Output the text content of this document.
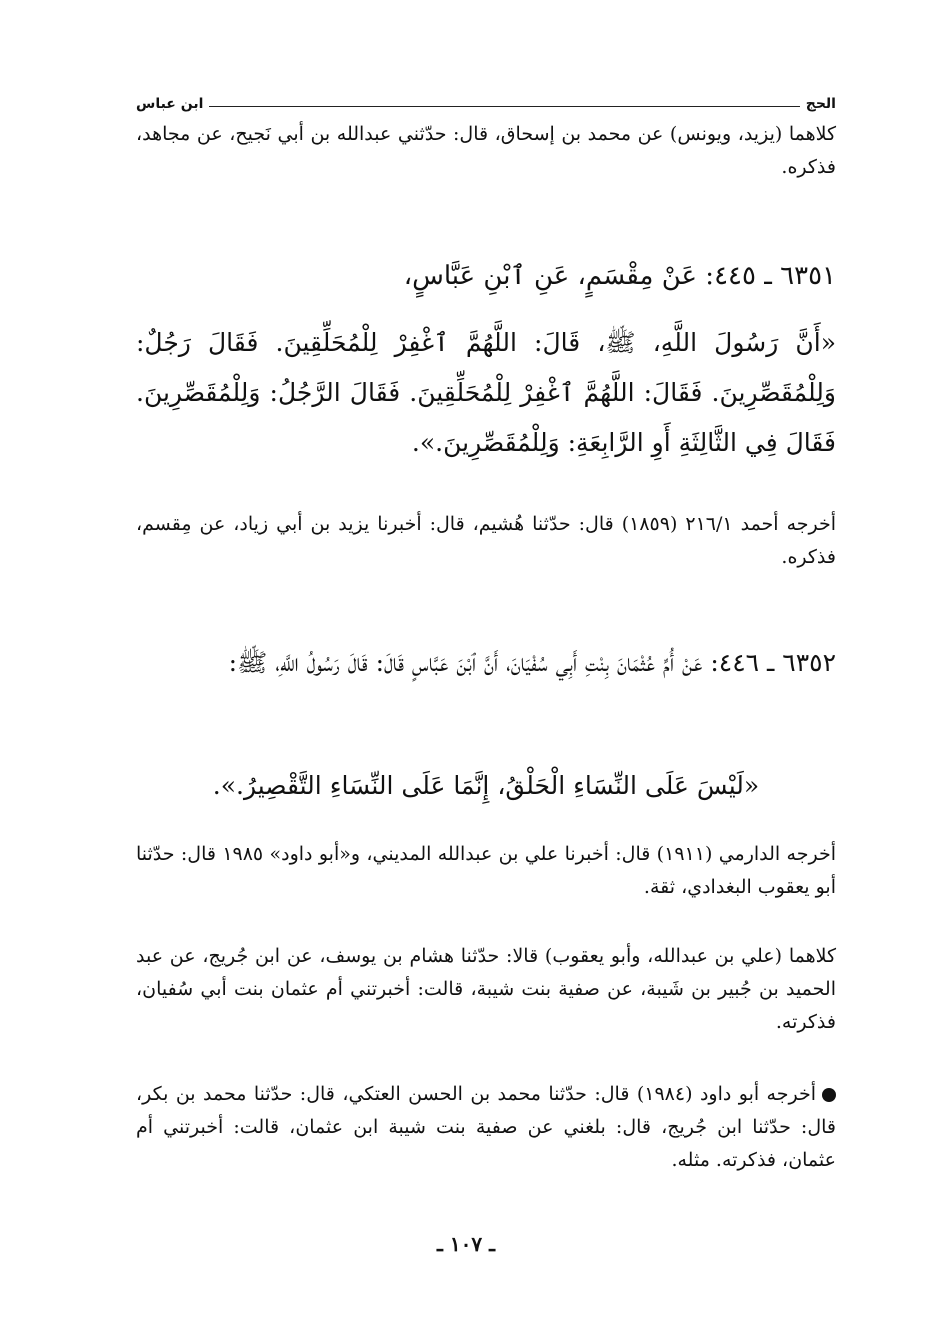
الحج
ابن عباس
كلاهما (يزيد، ويونس) عن محمد بن إسحاق، قال: حدّثني عبدالله بن أبي نَجيح، عن مجاهد، فذكره.
٦٣٥١ ـ ٤٤٥: عَنْ مِقْسَمٍ، عَنِ ٱبْنِ عَبَّاسٍ،
«أَنَّ رَسُولَ اللَّهِ، ﷺ، قَالَ: اللَّهُمَّ ٱغْفِرْ لِلْمُحَلِّقِينَ. فَقَالَ رَجُلٌ: وَلِلْمُقَصِّرِينَ. فَقَالَ: اللَّهُمَّ ٱغْفِرْ لِلْمُحَلِّقِينَ. فَقَالَ الرَّجُلُ: وَلِلْمُقَصِّرِينَ. فَقَالَ فِي الثَّالِثَةِ أَوِ الرَّابِعَةِ: وَلِلْمُقَصِّرِينَ.».
أخرجه أحمد ٢١٦/١ (١٨٥٩) قال: حدّثنا هُشيم، قال: أخبرنا يزيد بن أبي زياد، عن مِقسم، فذكره.
٦٣٥٢ ـ ٤٤٦: عَنْ أُمِّ عُثْمَانَ بِنْتِ أَبِي سُفْيَانَ، أَنَّ ٱبْنَ عَبَّاسٍ قَالَ: قَالَ رَسُولُ اللَّهِ، ﷺ:
«لَيْسَ عَلَى النِّسَاءِ الْحَلْقُ، إِنَّمَا عَلَى النِّسَاءِ التَّقْصِيرُ.».
أخرجه الدارمي (١٩١١) قال: أخبرنا علي بن عبدالله المديني، و«أبو داود» ١٩٨٥ قال: حدّثنا أبو يعقوب البغدادي، ثقة.
كلاهما (علي بن عبدالله، وأبو يعقوب) قالا: حدّثنا هشام بن يوسف، عن ابن جُريج، عن عبد الحميد بن جُبير بن شَيبة، عن صفية بنت شيبة، قالت: أخبرتني أم عثمان بنت أبي سُفيان، فذكرته.
أخرجه أبو داود (١٩٨٤) قال: حدّثنا محمد بن الحسن العتكي، قال: حدّثنا محمد بن بكر، قال: حدّثنا ابن جُريج، قال: بلغني عن صفية بنت شيبة ابن عثمان، قالت: أخبرتني أم عثمان، فذكرته. مثله.
ـ ١٠٧ ـ
